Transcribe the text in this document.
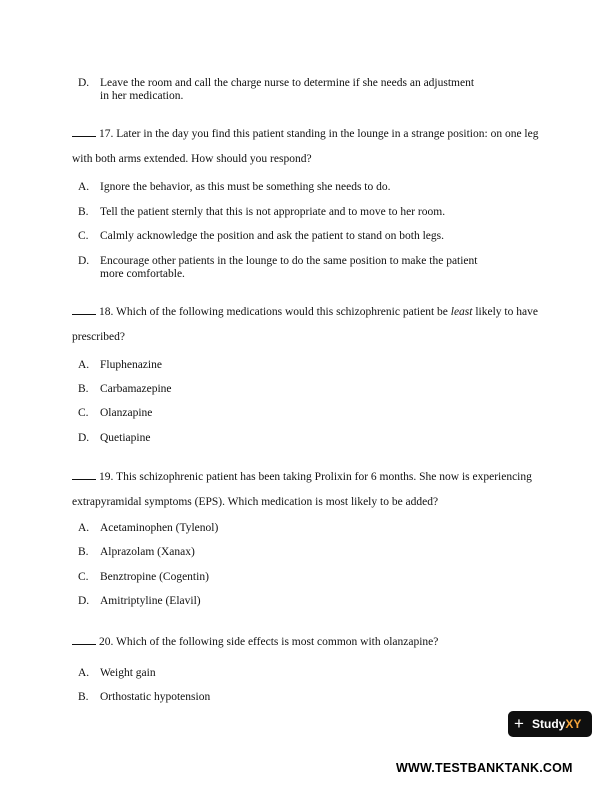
D. Leave the room and call the charge nurse to determine if she needs an adjustment in her medication.
17. Later in the day you find this patient standing in the lounge in a strange position: on one leg with both arms extended. How should you respond?
A. Ignore the behavior, as this must be something she needs to do.
B. Tell the patient sternly that this is not appropriate and to move to her room.
C. Calmly acknowledge the position and ask the patient to stand on both legs.
D. Encourage other patients in the lounge to do the same position to make the patient more comfortable.
18. Which of the following medications would this schizophrenic patient be least likely to have prescribed?
A. Fluphenazine
B. Carbamazepine
C. Olanzapine
D. Quetiapine
19. This schizophrenic patient has been taking Prolixin for 6 months. She now is experiencing extrapyramidal symptoms (EPS). Which medication is most likely to be added?
A. Acetaminophen (Tylenol)
B. Alprazolam (Xanax)
C. Benztropine (Cogentin)
D. Amitriptyline (Elavil)
20. Which of the following side effects is most common with olanzapine?
A. Weight gain
B. Orthostatic hypotension
+ StudyXY
WWW.TESTBANKTANK.COM
